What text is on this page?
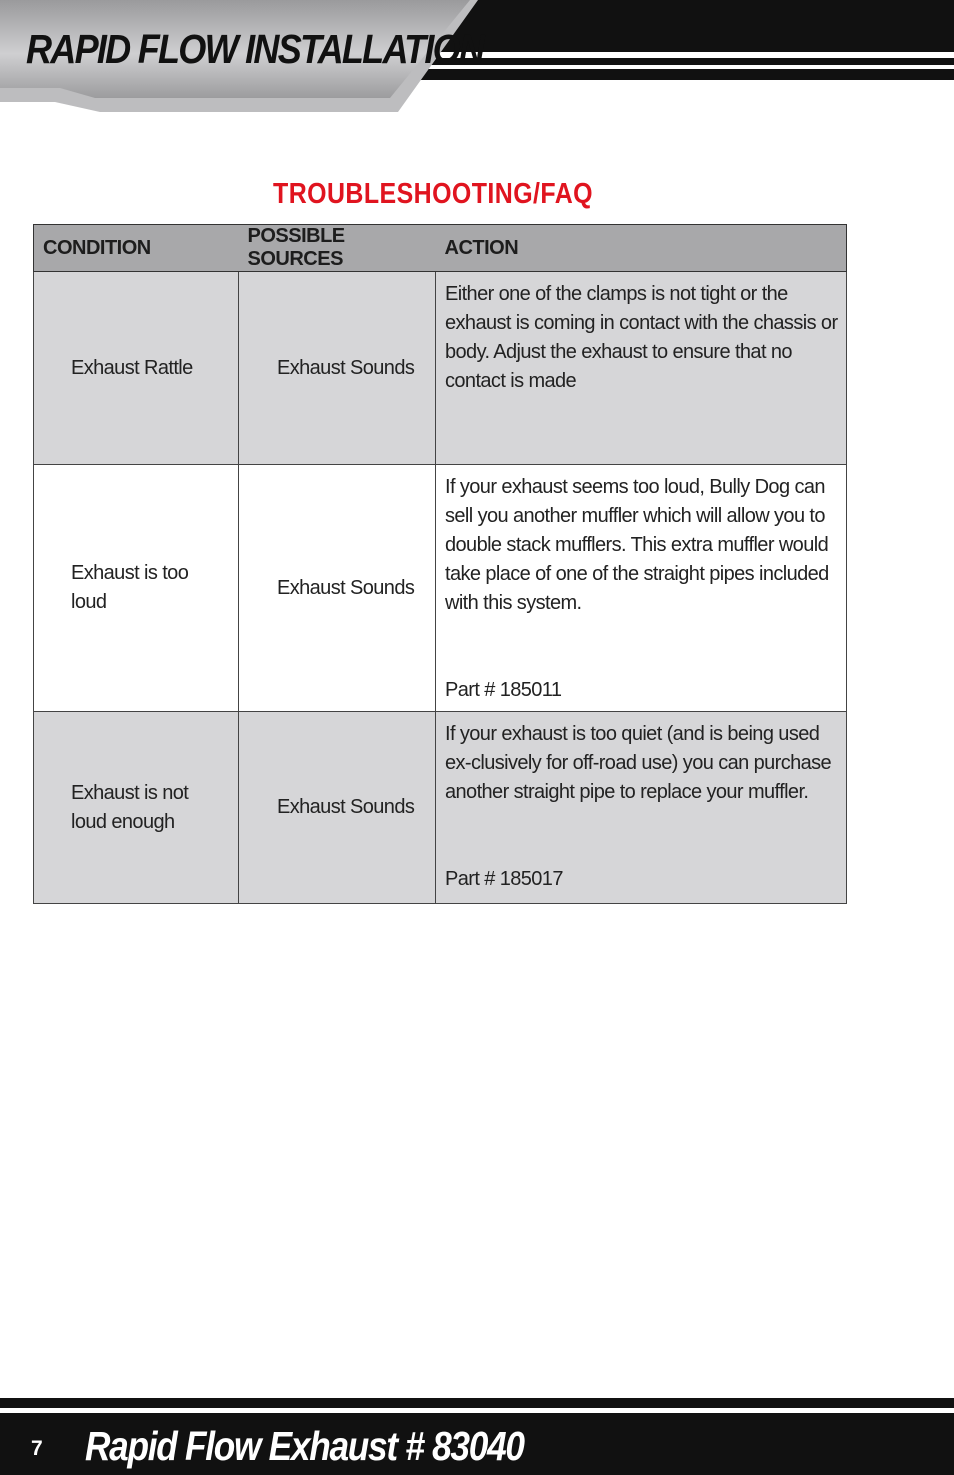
RAPID FLOW INSTALLATION
TROUBLESHOOTING/FAQ
CONDITION	POSSIBLE SOURCES	ACTION
Exhaust Rattle	Exhaust Sounds	Either one of the clamps is not tight or the exhaust is coming in contact with the chassis or body. Adjust the exhaust to ensure that no contact is made

Exhaust is too loud	Exhaust Sounds	If your exhaust seems too loud, Bully Dog can sell you another muffler which will allow you to double stack mufflers. This extra muffler would take place of one of the straight pipes included with this system.
Part # 185011

Exhaust is not loud enough	Exhaust Sounds	If your exhaust is too quiet (and is being used ex-clusively for off-road use) you can purchase another straight pipe to replace your muffler.
Part # 185017
7 Rapid Flow Exhaust # 83040
